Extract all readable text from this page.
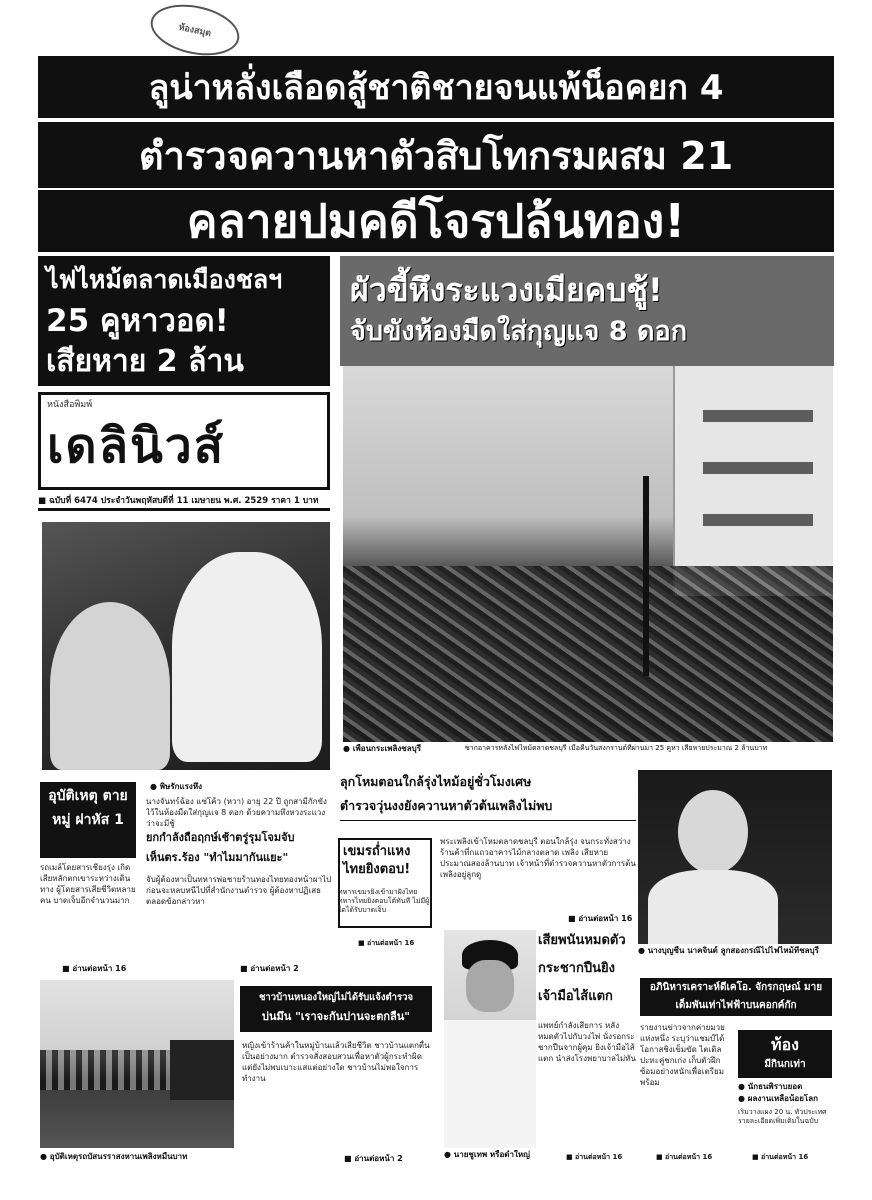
ห้องสมุด
ลูน่าหลั่งเลือดสู้ชาติชายจนแพ้น็อคยก 4
ตำรวจควานหาตัวสิบโทกรมผสม 21
คลายปมคดีโจรปล้นทอง!
ไฟไหม้ตลาดเมืองชลฯ
25 คูหาวอด!
เสียหาย 2 ล้าน
ผัวขี้หึงระแวงเมียคบชู้!
จับขังห้องมืดใส่กุญแจ 8 ดอก
หนังสือพิมพ์
เดลินิวส์
■ ฉบับที่ 6474 ประจำวันพฤหัสบดีที่ 11 เมษายน พ.ศ. 2529 ราคา 1 บาท
● เพื่อนกระเพลิงชลบุรี	ซากอาคารหลังไฟไหม้ตลาดชลบุรี เมื่อคืนวันสงกรานต์ที่ผ่านมา 25 คูหา เสียหายประมาณ 2 ล้านบาท
อุบัติเหตุ ตายหมู่ ฝาหัส 1
รถเมล์โดยสารเชียงรุ่ง เกิดเสียหลักตกเขาระหว่างเดินทาง ผู้โดยสารเสียชีวิตหลายคน บาดเจ็บอีกจำนวนมาก
■ อ่านต่อหน้า 16
● พิษรักแรงหึง
นางจันทร์ฉ้อง แซ่โค้ว (หวา) อายุ 22 ปี ถูกสามีกักขังไว้ในห้องมืดใส่กุญแจ 8 ดอก ด้วยความหึงหวงระแวงว่าจะมีชู้
ยกกำลังถือฤกษ์เช้าตรู่รุมโจมจับ
เห็นตร.ร้อง "ทำไมมากันแยะ"
จับผู้ต้องหาเป็นทหารพ่อชายร้านทองไทยทองหน้าผาไปก่อนจะหลบหนีไปที่สำนักงานตำรวจ ผู้ต้องหาปฏิเสธตลอดข้อกล่าวหา
■ อ่านต่อหน้า 2
ลุกโหมตอนใกล้รุ่งไหม้อยู่ชั่วโมงเศษ
ตำรวจวุ่นงงยังควานหาตัวต้นเพลิงไม่พบ
พระเพลิงเข้าโหมตลาดชลบุรี ตอนใกล้รุ่ง จนกระทั่งสว่าง ร้านค้าที่กแถวอาคารไม้กลางตลาด เพลิง เสียหายประมาณสองล้านบาท เจ้าหน้าที่ตำรวจควานหาตัวการต้นเพลิงอยู่ลูกดู
■ อ่านต่อหน้า 16
เขมรถ่ำแหง
ไทยยิงตอบ!
ทหารเขมรยิงเข้ามาฝั่งไทย ทหารไทยยิงตอบโต้ทันที ไม่มีผู้ใดได้รับบาดเจ็บ
■ อ่านต่อหน้า 16
● นางบุญชื่น นาคจินต์ ลูกสองกรณีไปไฟไหม้ที่ชลบุรี
● นายชูเทพ หรือดำใหญ่
เสียพนันหมดตัว
กระชากปืนยิง
เจ้ามือไส้แตก
แพทย์กำลังเสียการ หลังหมดตัวไปกับวงไพ่ นั่งรอกระชากปืนจากผู้คุม ยิงเจ้ามือไส้แตก นำส่งโรงพยาบาลไม่ทัน
■ อ่านต่อหน้า 16
อภินิหารเคราะห์ดีเคโอ. จักรกฤษณ์ มายเด็มพันเท่าไฟฟ้าบนคอกค์กัก
รายงานข่าวจากค่ายมวยแห่งหนึ่ง ระบุว่าแชมป์ได้โอกาสชิงเข็มขัด ไตเติลปะทะคู่ชกเก่ง เก็บตัวฝึกซ้อมอย่างหนักเพื่อเตรียมพร้อม
■ อ่านต่อหน้า 16
ท้อง
มีกินกเท่า
● นักธนพิราบยอด
● ผลงานเหลือน้อยโลก
เริ่มวางแผง 20 น. ทั่วประเทศ รายละเอียดเพิ่มเติมในฉบับ
■ อ่านต่อหน้า 16
● อุบัติเหตุรถบัสนรราสงหานเพลิงหมื่นบาท
ชาวบ้านหนองใหญ่ไม่ได้รับแจ้งตำรวจ
บ่นมึน "เราจะกันปานจะตกลืน"
หญิงเข้าร้านค้าในหมู่บ้านแล้วเสียชีวิต ชาวบ้านแตกตื่นเป็นอย่างมาก ตำรวจสั่งสอบสวนเพื่อหาตัวผู้กระทำผิด แต่ยังไม่พบเบาะแสแต่อย่างใด ชาวบ้านไม่พอใจการทำงาน
■ อ่านต่อหน้า 2
